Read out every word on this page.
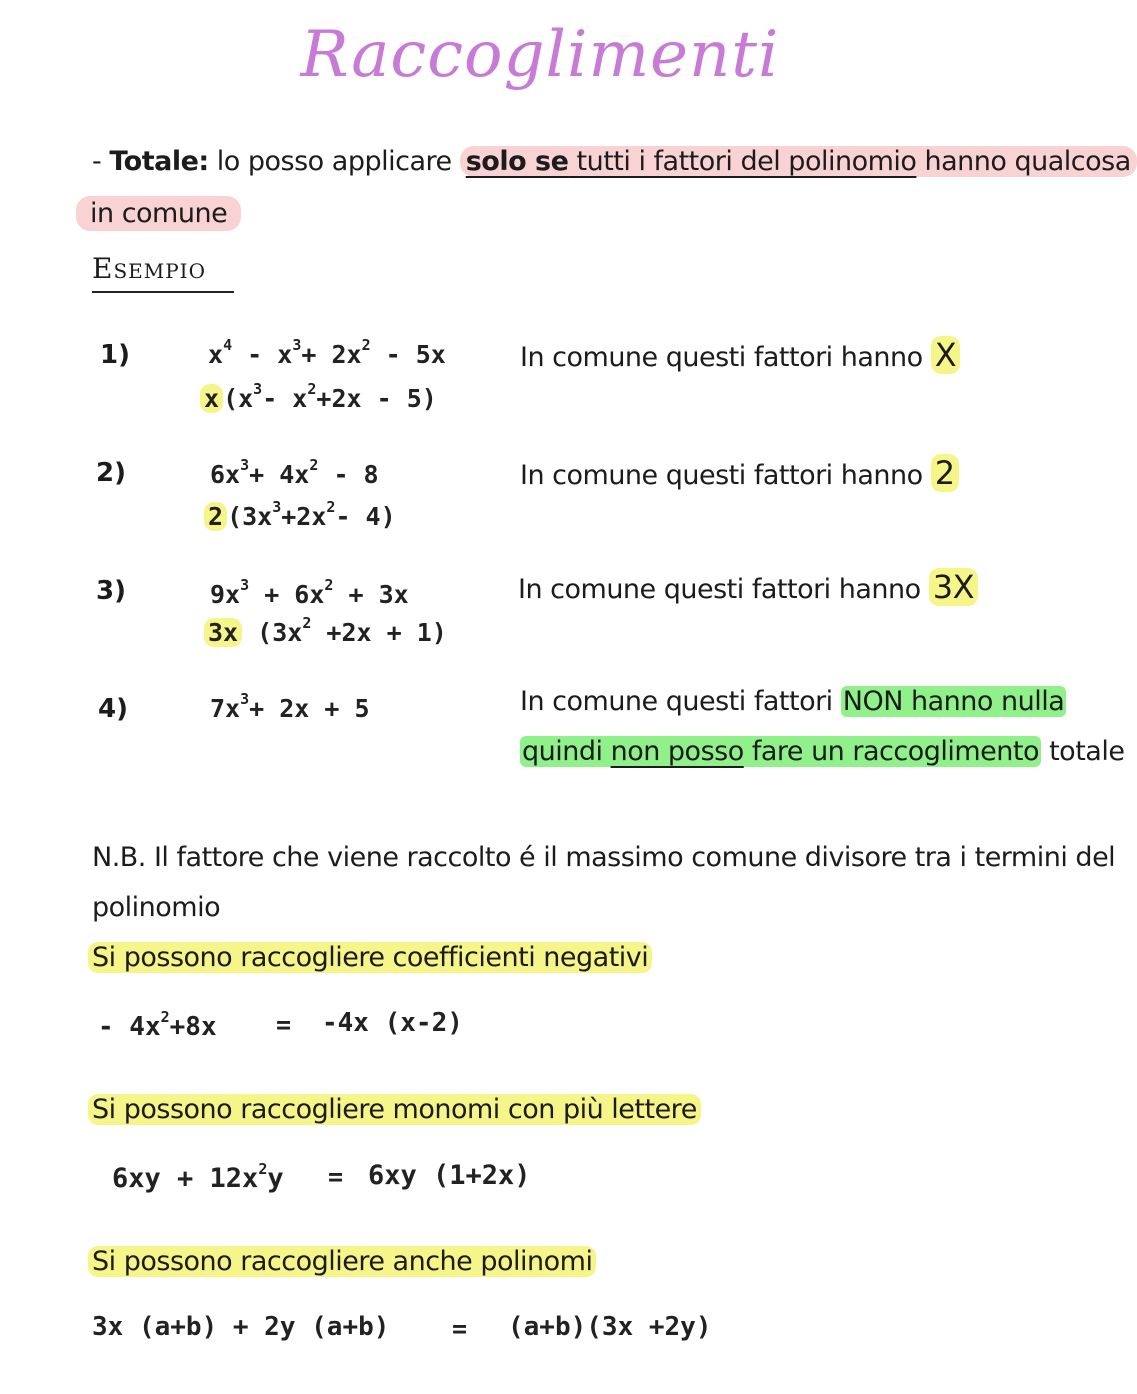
Raccoglimenti
- Totale: lo posso applicare solo se tutti i fattori del polinomio hanno qualcosa
in comune
Esempio
1)	$x^4 - x^3+ 2x^2 - 5x$
x ($x^3-$ $x^2+2x - 5$)
In comune questi fattori hanno X
2)	$6x^3+ 4x^2 - 8$
2 ($3x^3+2x^2-$ 4)
In comune questi fattori hanno 2
3)	$9x^3 + 6x^2 + 3x$
3x $(3x^2 +2x + 1)$
In comune questi fattori hanno 3X
4)	$7x^3+ 2x + 5$	In comune questi fattori NON hanno nulla
quindi non posso fare un raccoglimento totale
N.B. Il fattore che viene raccolto é il massimo comune divisore tra i termini del
polinomio
Si possono raccogliere coefficienti negativi
- $4x^2+8x = -4x$ (x-2)
Si possono raccogliere monomi con più lettere
$6xy + 12x^2y = 6xy$ (1+2x)
Si possono raccogliere anche polinomi
3x (a+b) + 2y (a+b)	= (a+b)(3x +2y)
